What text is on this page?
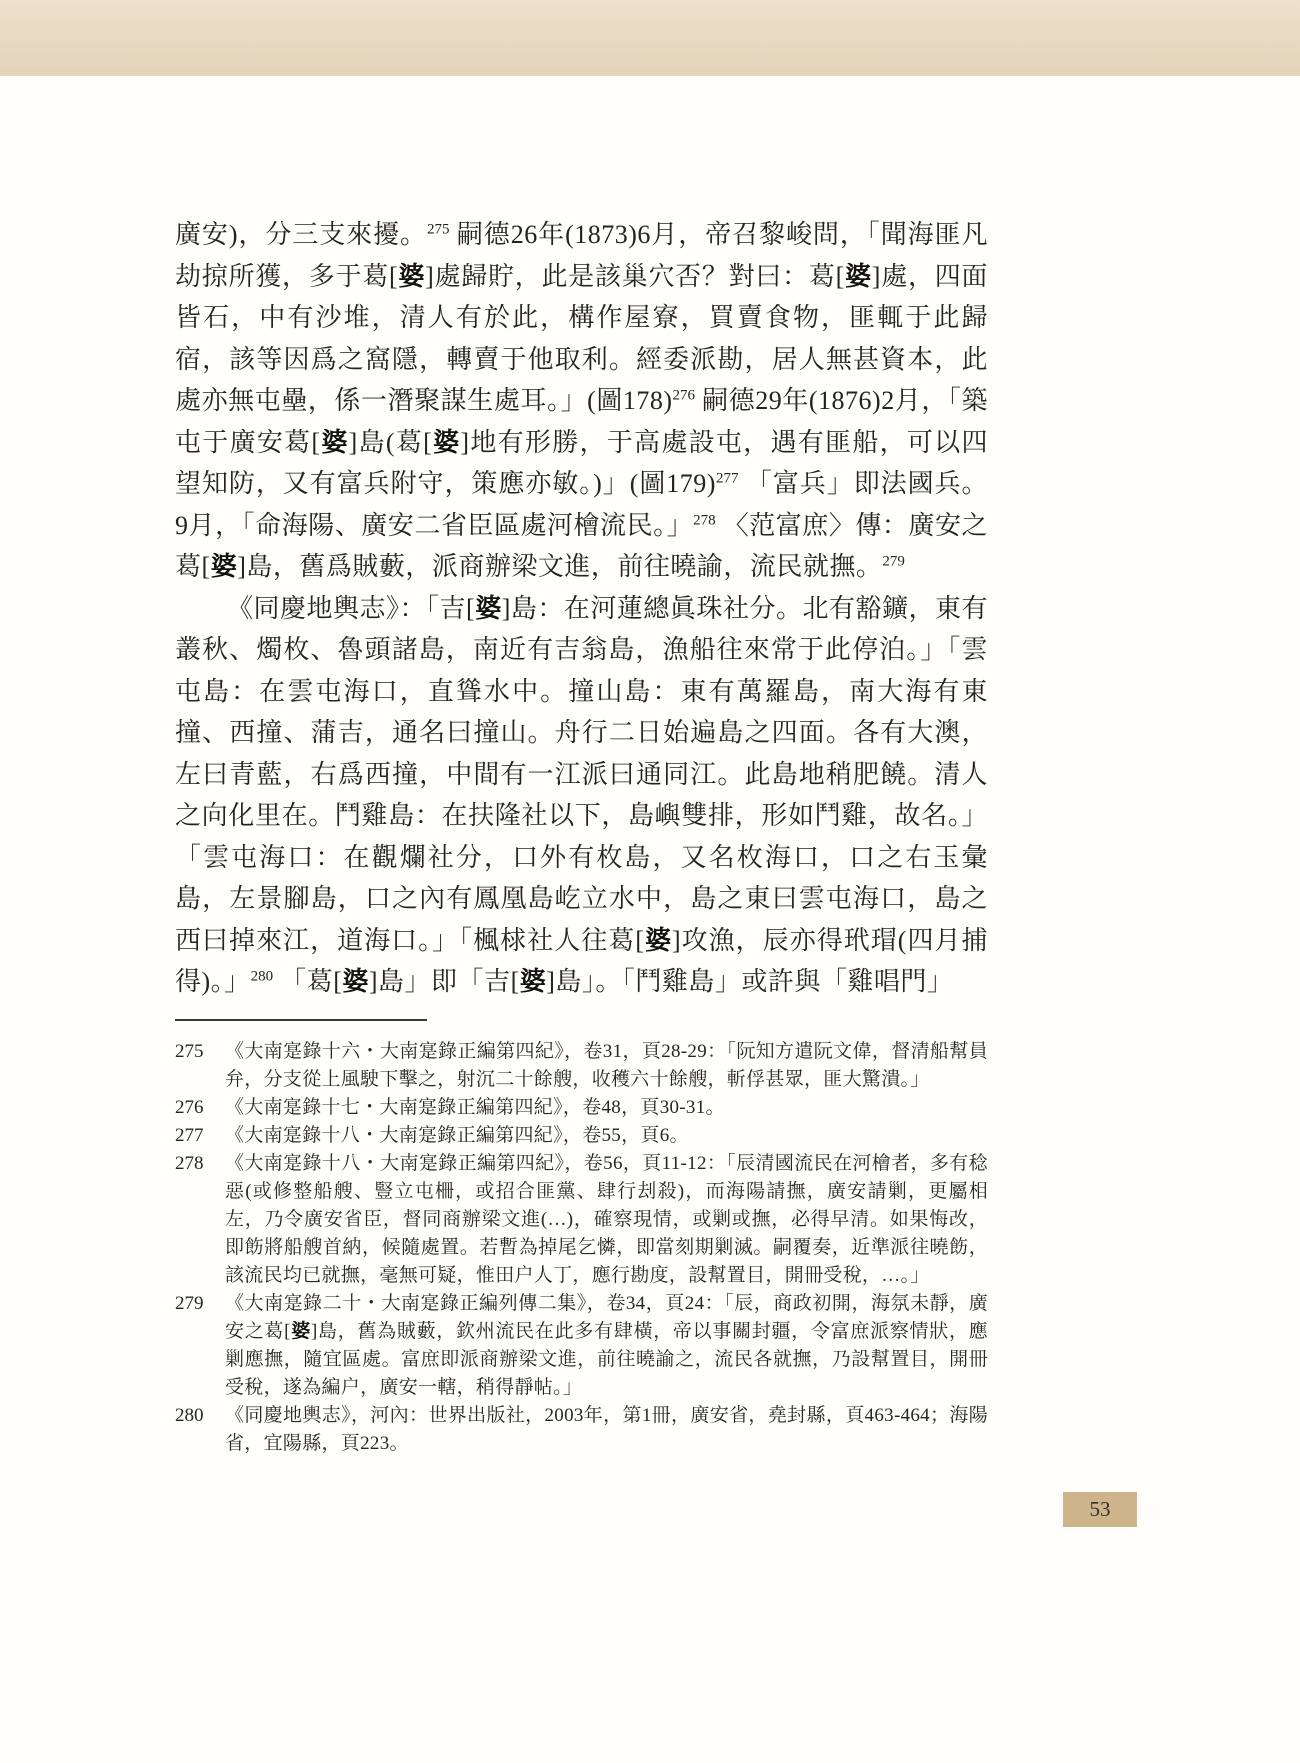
廣安)，分三支來擾。$^{275}$ 嗣德26年(1873)6月，帝召黎峻問，「聞海匪凡劫掠所獲，多于葛[婆]處歸貯，此是該巢穴否？對曰：葛[婆]處，四面皆石，中有沙堆，清人有於此，構作屋寮，買賣食物，匪輒于此歸宿，該等因爲之窩隱，轉賣于他取利。經委派勘，居人無甚資本，此處亦無屯壘，係一潛聚謀生處耳。」(圖178)$^{276}$ 嗣德29年(1876)2月，「築屯于廣安葛[婆]島(葛[婆]地有形勝，于高處設屯，遇有匪船，可以四望知防，又有富兵附守，策應亦敏。)」(圖179)$^{277}$ 「富兵」即法國兵。9月，「命海陽、廣安二省臣區處河檜流民。」$^{278}$ 〈范富庶〉傳：廣安之葛[婆]島，舊爲賊藪，派商辦梁文進，前往曉諭，流民就撫。$^{279}$

《同慶地輿志》：「吉[婆]島：在河蓮總眞珠社分。北有豁鑛，東有叢秋、燭枚、魯頭諸島，南近有吉翁島，漁船往來常于此停泊。」「雲屯島：在雲屯海口，直聳水中。撞山島：東有萬羅島，南大海有東撞、西撞、蒲吉，通名曰撞山。舟行二日始遍島之四面。各有大澳，左曰青藍，右爲西撞，中間有一江派曰通同江。此島地稍肥饒。清人之向化里在。鬥雞島：在扶隆社以下，島嶼雙排，形如鬥雞，故名。」「雲屯海口：在觀爛社分，口外有枚島，又名枚海口，口之右玉彙島，左景腳島，口之內有鳳凰島屹立水中，島之東曰雲屯海口，島之西曰掉來江，道海口。」「楓梂社人往葛[婆]攻漁，辰亦得玳瑁(四月捕得)。」$^{280}$ 「葛[婆]島」即「吉[婆]島」。「鬥雞島」或許與「雞唱門」

275	《大南寔錄十六・大南寔錄正編第四紀》，卷31，頁28-29：「阮知方遣阮文偉，督清船幫員弁，分支從上風駛下擊之，射沉二十餘艘，收穫六十餘艘，斬俘甚眾，匪大驚潰。」
276	《大南寔錄十七・大南寔錄正編第四紀》，卷48，頁30-31。
277	《大南寔錄十八・大南寔錄正編第四紀》，卷55，頁6。
278	《大南寔錄十八・大南寔錄正編第四紀》，卷56，頁11-12：「辰清國流民在河檜者，多有稔惡(或修整船艘、豎立屯柵，或招合匪黨、肆行刦殺)，而海陽請撫，廣安請剿，更屬相左，乃令廣安省臣，督同商辦梁文進(…)，確察現情，或剿或撫，必得早清。如果悔改，即飭將船艘首納，候隨處置。若暫為掉尾乞憐，即當刻期剿滅。嗣覆奏，近準派往曉飭，該流民均已就撫，毫無可疑，惟田户人丁，應行勘度，設幫置目，開冊受稅，…。」
279	《大南寔錄二十・大南寔錄正編列傳二集》，卷34，頁24：「辰，商政初開，海氛未靜，廣安之葛[婆]島，舊為賊藪，欽州流民在此多有肆橫，帝以事關封疆，令富庶派察情狀，應剿應撫，隨宜區處。富庶即派商辦梁文進，前往曉諭之，流民各就撫，乃設幫置目，開冊受稅，遂為編户，廣安一轄，稍得靜帖。」
280	《同慶地輿志》，河內：世界出版社，2003年，第1冊，廣安省，堯封縣，頁463-464；海陽省，宜陽縣，頁223。
53
